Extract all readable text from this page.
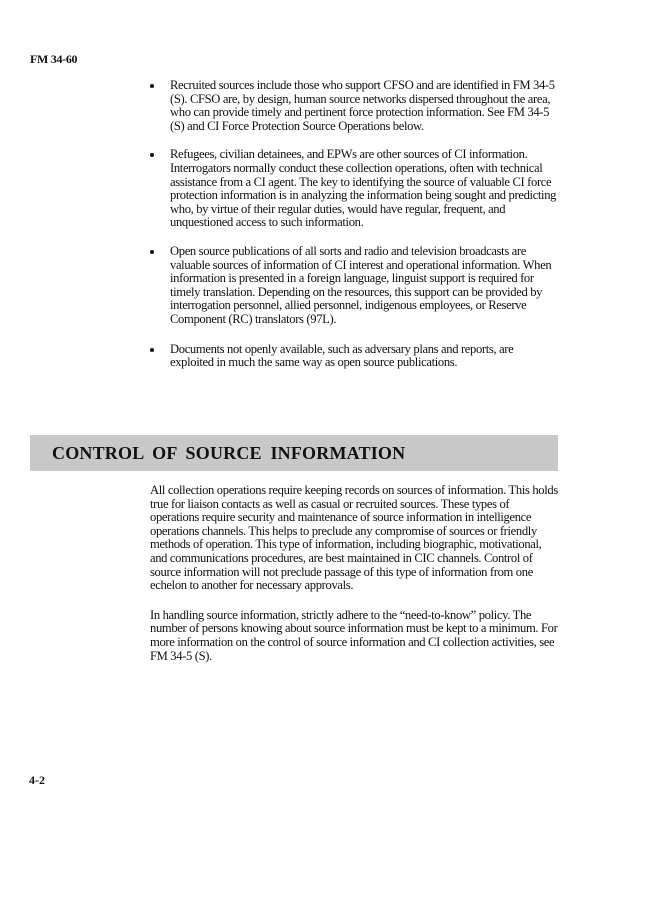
FM 34-60
Recruited sources include those who support CFSO and are identified in FM 34-5 (S). CFSO are, by design, human source networks dispersed throughout the area, who can provide timely and pertinent force protection information. See FM 34-5 (S) and CI Force Protection Source Operations below.
Refugees, civilian detainees, and EPWs are other sources of CI information. Interrogators normally conduct these collection operations, often with technical assistance from a CI agent. The key to identifying the source of valuable CI force protection information is in analyzing the information being sought and predicting who, by virtue of their regular duties, would have regular, frequent, and unquestioned access to such information.
Open source publications of all sorts and radio and television broadcasts are valuable sources of information of CI interest and operational information. When information is presented in a foreign language, linguist support is required for timely translation. Depending on the resources, this support can be provided by interrogation personnel, allied personnel, indigenous employees, or Reserve Component (RC) translators (97L).
Documents not openly available, such as adversary plans and reports, are exploited in much the same way as open source publications.
CONTROL OF SOURCE INFORMATION

All collection operations require keeping records on sources of information. This holds true for liaison contacts as well as casual or recruited sources. These types of operations require security and maintenance of source information in intelligence operations channels. This helps to preclude any compromise of sources or friendly methods of operation. This type of information, including biographic, motivational, and communications procedures, are best maintained in CIC channels. Control of source information will not preclude passage of this type of information from one echelon to another for necessary approvals.

In handling source information, strictly adhere to the “need-to-know” policy. The number of persons knowing about source information must be kept to a minimum. For more information on the control of source information and CI collection activities, see FM 34-5 (S).

4-2
